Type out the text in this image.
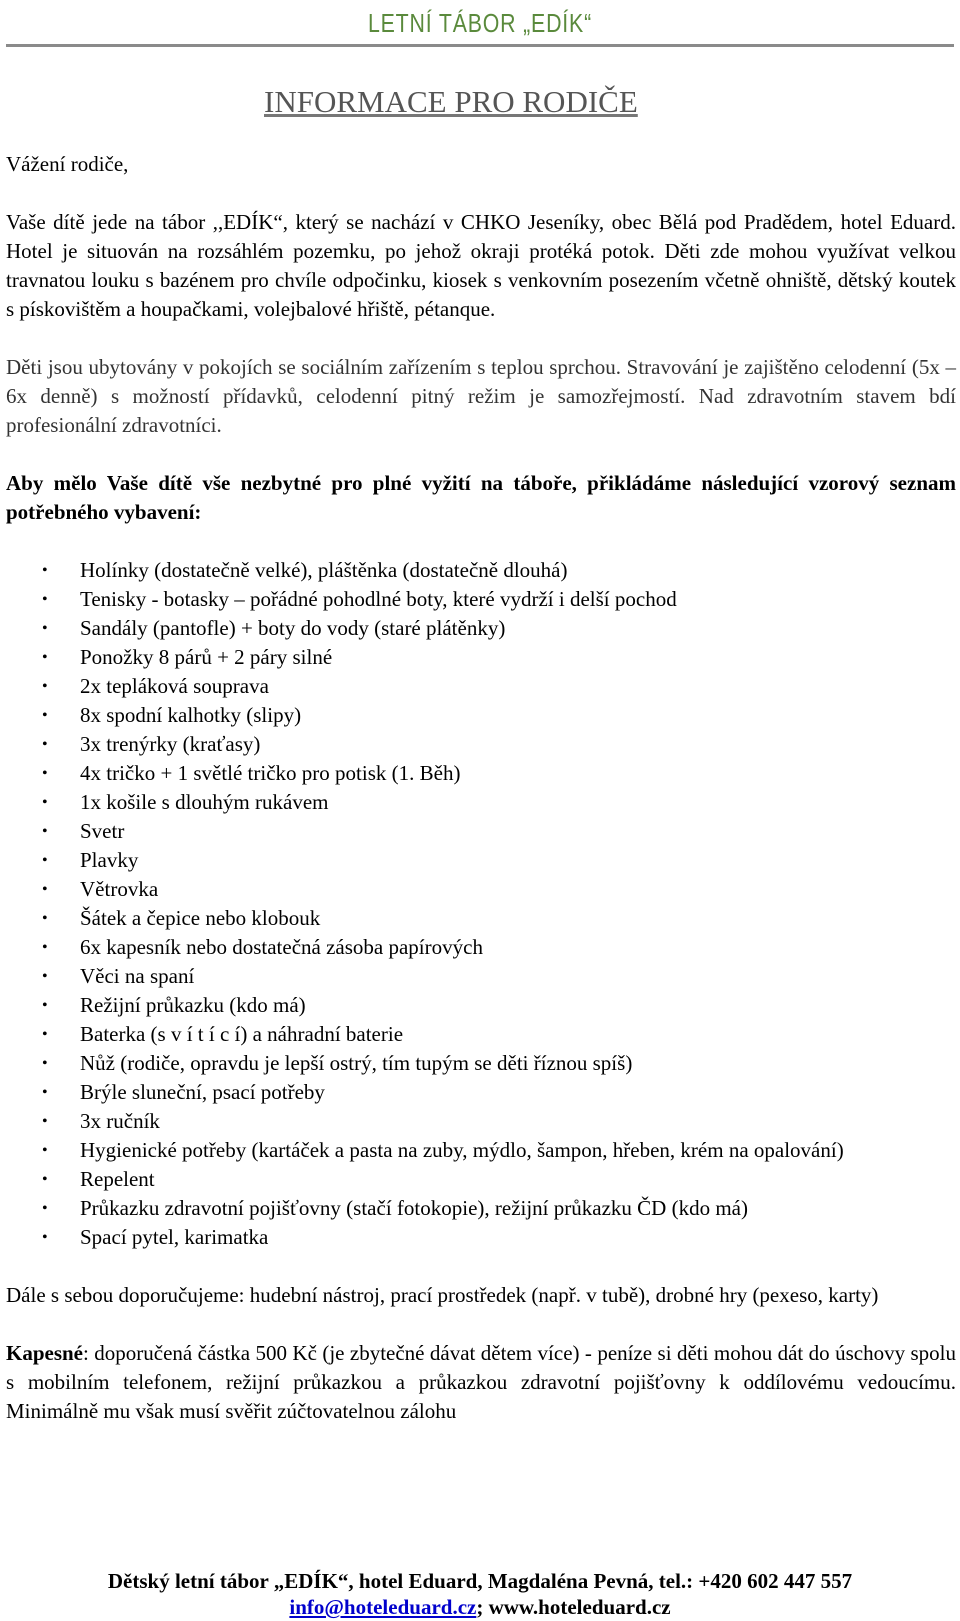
LETNÍ TÁBOR „EDÍK“
INFORMACE PRO RODIČE

Vážení rodiče,

Vaše dítě jede na tábor ,,EDÍK“, který se nachází v CHKO Jeseníky, obec Bělá pod Pradědem, hotel Eduard. Hotel je situován na rozsáhlém pozemku, po jehož okraji protéká potok. Děti zde mohou využívat velkou travnatou louku s bazénem pro chvíle odpočinku, kiosek s venkovním posezením včetně ohniště, dětský koutek s pískovištěm a houpačkami, volejbalové hřiště, pétanque.

Děti jsou ubytovány v pokojích se sociálním zařízením s teplou sprchou. Stravování je zajištěno celodenní (5x – 6x denně) s možností přídavků, celodenní pitný režim je samozřejmostí. Nad zdravotním stavem bdí profesionální zdravotníci.

Aby mělo Vaše dítě vše nezbytné pro plné vyžití na táboře, přikládáme následující vzorový seznam potřebného vybavení:

• Holínky (dostatečně velké), pláštěnka (dostatečně dlouhá)
• Tenisky - botasky – pořádné pohodlné boty, které vydrží i delší pochod
• Sandály (pantofle) + boty do vody (staré plátěnky)
• Ponožky 8 párů + 2 páry silné
• 2x tepláková souprava
• 8x spodní kalhotky (slipy)
• 3x trenýrky (kraťasy)
• 4x tričko + 1 světlé tričko pro potisk (1. Běh)
• 1x košile s dlouhým rukávem
• Svetr
• Plavky
• Větrovka
• Šátek a čepice nebo klobouk
• 6x kapesník nebo dostatečná zásoba papírových
• Věci na spaní
• Režijní průkazku (kdo má)
• Baterka (s v í t í c í) a náhradní baterie
• Nůž (rodiče, opravdu je lepší ostrý, tím tupým se děti říznou spíš)
• Brýle sluneční, psací potřeby
• 3x ručník
• Hygienické potřeby (kartáček a pasta na zuby, mýdlo, šampon, hřeben, krém na opalování)
• Repelent
• Průkazku zdravotní pojišťovny (stačí fotokopie), režijní průkazku ČD (kdo má)
• Spací pytel, karimatka

Dále s sebou doporučujeme: hudební nástroj, prací prostředek (např. v tubě), drobné hry (pexeso, karty)

Kapesné: doporučená částka 500 Kč (je zbytečné dávat dětem více) - peníze si děti mohou dát do úschovy spolu s mobilním telefonem, režijní průkazkou a průkazkou zdravotní pojišťovny k oddílovému vedoucímu. Minimálně mu však musí svěřit zúčtovatelnou zálohu

Dětský letní tábor „EDÍK“, hotel Eduard, Magdaléna Pevná, tel.: +420 602 447 557
info@hoteleduard.cz; www.hoteleduard.cz
